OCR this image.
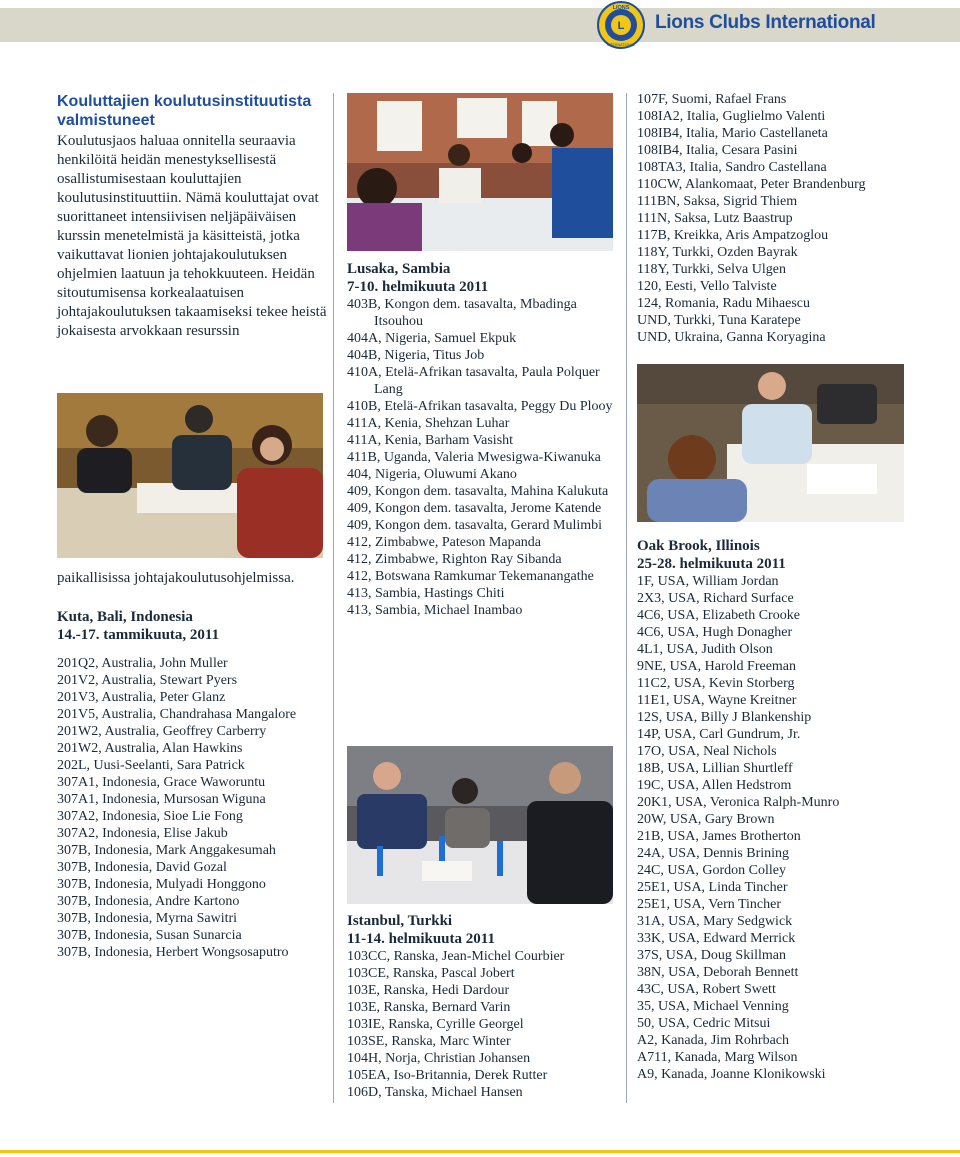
L
LIONS
INTERNATIONAL
Lions Clubs International
Kouluttajien koulutusinstituutista valmistuneet

Koulutusjaos haluaa onnitella seuraavia henkilöitä heidän menestyksellisestä osallistumisestaan kouluttajien koulutusinstituuttiin. Nämä kouluttajat ovat suorittaneet intensiivisen neljäpäiväisen kurssin menetelmistä ja käsitteistä, jotka vaikuttavat lionien johtajakoulutuksen ohjelmien laatuun ja tehokkuuteen. Heidän sitoutumisensa korkealaatuisen johtajakoulutuksen takaamiseksi tekee heistä jokaisesta arvokkaan resurssin

paikallisissa johtajakoulutusohjelmissa.

Kuta, Bali, Indonesia
14.-17. tammikuuta, 2011
201Q2, Australia, John Muller
201V2, Australia, Stewart Pyers
201V3, Australia, Peter Glanz
201V5, Australia, Chandrahasa Mangalore
201W2, Australia, Geoffrey Carberry
201W2, Australia, Alan Hawkins
202L, Uusi-Seelanti, Sara Patrick
307A1, Indonesia, Grace Waworuntu
307A1, Indonesia, Mursosan Wiguna
307A2, Indonesia, Sioe Lie Fong
307A2, Indonesia, Elise Jakub
307B, Indonesia, Mark Anggakesumah
307B, Indonesia, David Gozal
307B, Indonesia, Mulyadi Honggono
307B, Indonesia, Andre Kartono
307B, Indonesia, Myrna Sawitri
307B, Indonesia, Susan Sunarcia
307B, Indonesia, Herbert Wongsosaputro
Lusaka, Sambia
7-10. helmikuuta 2011
403B, Kongon dem. tasavalta, Mbadinga Itsouhou
404A, Nigeria, Samuel Ekpuk
404B, Nigeria, Titus Job
410A, Etelä-Afrikan tasavalta, Paula Polquer Lang
410B, Etelä-Afrikan tasavalta, Peggy Du Plooy
411A, Kenia, Shehzan Luhar
411A, Kenia, Barham Vasisht
411B, Uganda, Valeria Mwesigwa-Kiwanuka
404, Nigeria, Oluwumi Akano
409, Kongon dem. tasavalta, Mahina Kalukuta
409, Kongon dem. tasavalta, Jerome Katende
409, Kongon dem. tasavalta, Gerard Mulimbi
412, Zimbabwe, Pateson Mapanda
412, Zimbabwe, Righton Ray Sibanda
412, Botswana Ramkumar Tekemanangathe
413, Sambia, Hastings Chiti
413, Sambia, Michael Inambao
Istanbul, Turkki
11-14. helmikuuta 2011
103CC, Ranska, Jean-Michel Courbier
103CE, Ranska, Pascal Jobert
103E, Ranska, Hedi Dardour
103E, Ranska, Bernard Varin
103IE, Ranska, Cyrille Georgel
103SE, Ranska, Marc Winter
104H, Norja, Christian Johansen
105EA, Iso-Britannia, Derek Rutter
106D, Tanska, Michael Hansen
107F, Suomi, Rafael Frans
108IA2, Italia, Guglielmo Valenti
108IB4, Italia, Mario Castellaneta
108IB4, Italia, Cesara Pasini
108TA3, Italia, Sandro Castellana
110CW, Alankomaat, Peter Brandenburg
111BN, Saksa, Sigrid Thiem
111N, Saksa, Lutz Baastrup
117B, Kreikka, Aris Ampatzoglou
118Y, Turkki, Ozden Bayrak
118Y, Turkki, Selva Ulgen
120, Eesti, Vello Talviste
124, Romania, Radu Mihaescu
UND, Turkki, Tuna Karatepe
UND, Ukraina, Ganna Koryagina
Oak Brook, Illinois
25-28. helmikuuta 2011
1F, USA, William Jordan
2X3, USA, Richard Surface
4C6, USA, Elizabeth Crooke
4C6, USA, Hugh Donagher
4L1, USA, Judith Olson
9NE, USA, Harold Freeman
11C2, USA, Kevin Storberg
11E1, USA, Wayne Kreitner
12S, USA, Billy J Blankenship
14P, USA, Carl Gundrum, Jr.
17O, USA, Neal Nichols
18B, USA, Lillian Shurtleff
19C, USA, Allen Hedstrom
20K1, USA, Veronica Ralph-Munro
20W, USA, Gary Brown
21B, USA, James Brotherton
24A, USA, Dennis Brining
24C, USA, Gordon Colley
25E1, USA, Linda Tincher
25E1, USA, Vern Tincher
31A, USA, Mary Sedgwick
33K, USA, Edward Merrick
37S, USA, Doug Skillman
38N, USA, Deborah Bennett
43C, USA, Robert Swett
35, USA, Michael Venning
50, USA, Cedric Mitsui
A2, Kanada, Jim Rohrbach
A711, Kanada, Marg Wilson
A9, Kanada, Joanne Klonikowski
